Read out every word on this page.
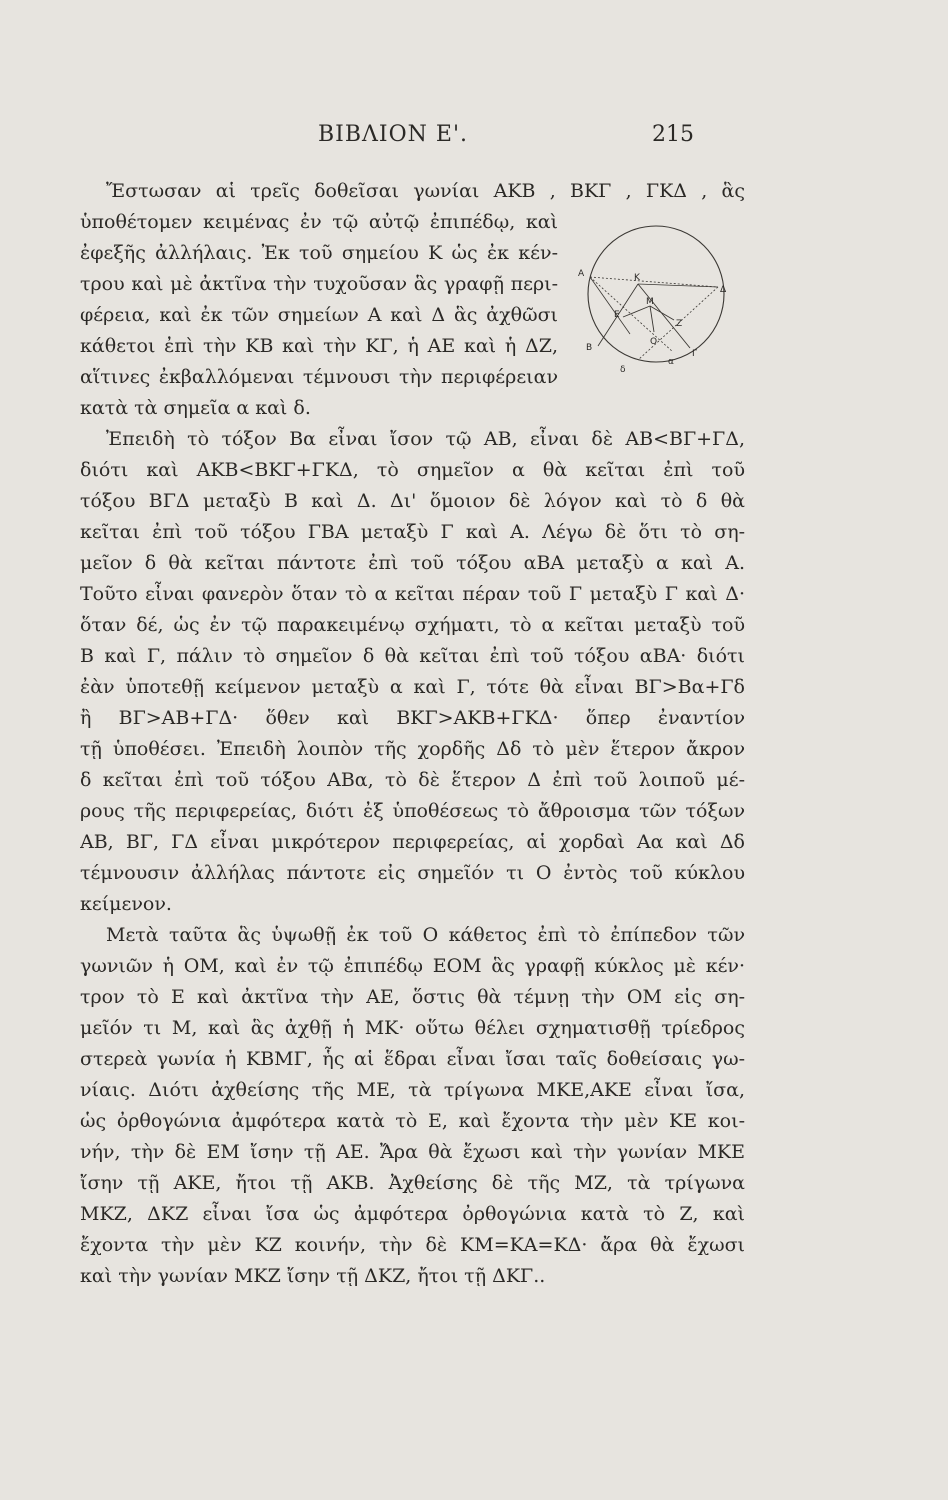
ΒΙΒΛΙΟΝ Ε'.	215
Α	Κ
Δ
Ε
Μ
Ζ
Ο
Β
α
Γ
δ
Ἔστωσαν αἱ τρεῖς δοθεῖσαι γωνίαι ΑΚΒ , ΒΚΓ , ΓΚΔ , ἃς
ὑποθέτομεν κειμένας ἐν τῷ αὐτῷ ἐπιπέδῳ, καὶ
ἐφεξῆς ἀλλήλαις. Ἐκ τοῦ σημείου Κ ὡς ἐκ κέν-
τρου καὶ μὲ ἀκτῖνα τὴν τυχοῦσαν ἃς γραφῇ περι-
φέρεια, καὶ ἐκ τῶν σημείων Α καὶ Δ ἃς ἀχθῶσι
κάθετοι ἐπὶ τὴν ΚΒ καὶ τὴν ΚΓ, ἡ ΑΕ καὶ ἡ ΔΖ,
αἵτινες ἐκβαλλόμεναι τέμνουσι τὴν περιφέρειαν
κατὰ τὰ σημεῖα α καὶ δ.
Ἐπειδὴ τὸ τόξον Βα εἶναι ἴσον τῷ ΑΒ, εἶναι δὲ ΑΒ<ΒΓ+ΓΔ,
διότι καὶ ΑΚΒ<ΒΚΓ+ΓΚΔ, τὸ σημεῖον α θὰ κεῖται ἐπὶ τοῦ
τόξου ΒΓΔ μεταξὺ Β καὶ Δ. Δι' ὅμοιον δὲ λόγον καὶ τὸ δ θὰ
κεῖται ἐπὶ τοῦ τόξου ΓΒΑ μεταξὺ Γ καὶ Α. Λέγω δὲ ὅτι τὸ ση-
μεῖον δ θὰ κεῖται πάντοτε ἐπὶ τοῦ τόξου αΒΑ μεταξὺ α καὶ Α.
Τοῦτο εἶναι φανερὸν ὅταν τὸ α κεῖται πέραν τοῦ Γ μεταξὺ Γ καὶ Δ·
ὅταν δέ, ὡς ἐν τῷ παρακειμένῳ σχήματι, τὸ α κεῖται μεταξὺ τοῦ
Β καὶ Γ, πάλιν τὸ σημεῖον δ θὰ κεῖται ἐπὶ τοῦ τόξου αΒΑ· διότι
ἐὰν ὑποτεθῇ κείμενον μεταξὺ α καὶ Γ, τότε θὰ εἶναι ΒΓ>Βα+Γδ
ἢ ΒΓ>ΑΒ+ΓΔ· ὅθεν καὶ ΒΚΓ>ΑΚΒ+ΓΚΔ· ὅπερ ἐναντίον
τῇ ὑποθέσει. Ἐπειδὴ λοιπὸν τῆς χορδῆς Δδ τὸ μὲν ἕτερον ἄκρον
δ κεῖται ἐπὶ τοῦ τόξου ΑΒα, τὸ δὲ ἕτερον Δ ἐπὶ τοῦ λοιποῦ μέ-
ρους τῆς περιφερείας, διότι ἐξ ὑποθέσεως τὸ ἄθροισμα τῶν τόξων
ΑΒ, ΒΓ, ΓΔ εἶναι μικρότερον περιφερείας, αἱ χορδαὶ Αα καὶ Δδ
τέμνουσιν ἀλλήλας πάντοτε εἰς σημεῖόν τι Ο ἐντὸς τοῦ κύκλου
κείμενον.
Μετὰ ταῦτα ἃς ὑψωθῇ ἐκ τοῦ Ο κάθετος ἐπὶ τὸ ἐπίπεδον τῶν
γωνιῶν ἡ ΟΜ, καὶ ἐν τῷ ἐπιπέδῳ ΕΟΜ ἃς γραφῇ κύκλος μὲ κέν·
τρον τὸ Ε καὶ ἀκτῖνα τὴν ΑΕ, ὅστις θὰ τέμνῃ τὴν ΟΜ εἰς ση-
μεῖόν τι Μ, καὶ ἃς ἀχθῇ ἡ ΜΚ· οὕτω θέλει σχηματισθῇ τρίεδρος
στερεὰ γωνία ἡ ΚΒΜΓ, ἧς αἱ ἕδραι εἶναι ἴσαι ταῖς δοθείσαις γω-
νίαις. Διότι ἀχθείσης τῆς ΜΕ, τὰ τρίγωνα ΜΚΕ,ΑΚΕ εἶναι ἴσα,
ὡς ὀρθογώνια ἀμφότερα κατὰ τὸ Ε, καὶ ἔχοντα τὴν μὲν ΚΕ κοι-
νήν, τὴν δὲ ΕΜ ἴσην τῇ ΑΕ. Ἄρα θὰ ἔχωσι καὶ τὴν γωνίαν ΜΚΕ
ἴσην τῇ ΑΚΕ, ἤτοι τῇ ΑΚΒ. Ἀχθείσης δὲ τῆς ΜΖ, τὰ τρίγωνα
ΜΚΖ, ΔΚΖ εἶναι ἴσα ὡς ἀμφότερα ὀρθογώνια κατὰ τὸ Ζ, καὶ
ἔχοντα τὴν μὲν ΚΖ κοινήν, τὴν δὲ ΚΜ=ΚΑ=ΚΔ· ἄρα θὰ ἔχωσι
καὶ τὴν γωνίαν ΜΚΖ ἴσην τῇ ΔΚΖ, ἤτοι τῇ ΔΚΓ..
